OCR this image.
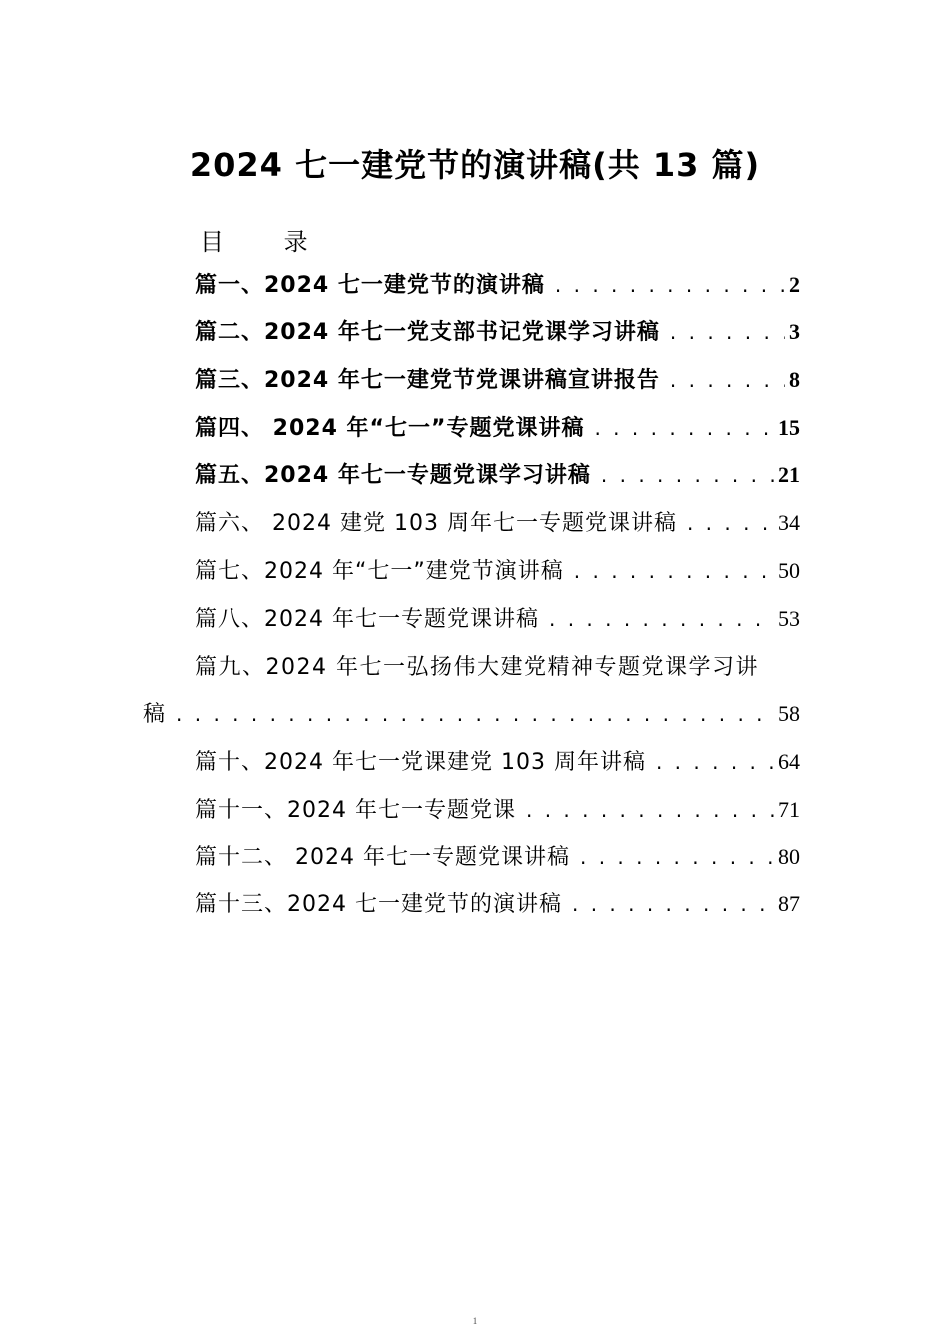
2024 七一建党节的演讲稿(共 13 篇)
目 录
篇一、2024 七一建党节的演讲稿 . . .	2
篇二、2024 年七一党支部书记党课学习讲稿 . . .	3
篇三、2024 年七一建党节党课讲稿宣讲报告 . . .	8
篇四、 2024 年“七一”专题党课讲稿 . . .	15
篇五、2024 年七一专题党课学习讲稿 . . .	21
篇六、 2024 建党 103 周年七一专题党课讲稿 . . .	34
篇七、2024 年“七一”建党节演讲稿 . . .	50
篇八、2024 年七一专题党课讲稿 . . .	53
篇九、2024 年七一弘扬伟大建党精神专题党课学习讲
稿 . . .	58
篇十、2024 年七一党课建党 103 周年讲稿 . . .	64
篇十一、2024 年七一专题党课 . . .	71
篇十二、 2024 年七一专题党课讲稿 . . .	80
篇十三、2024 七一建党节的演讲稿 . . .	87
1
